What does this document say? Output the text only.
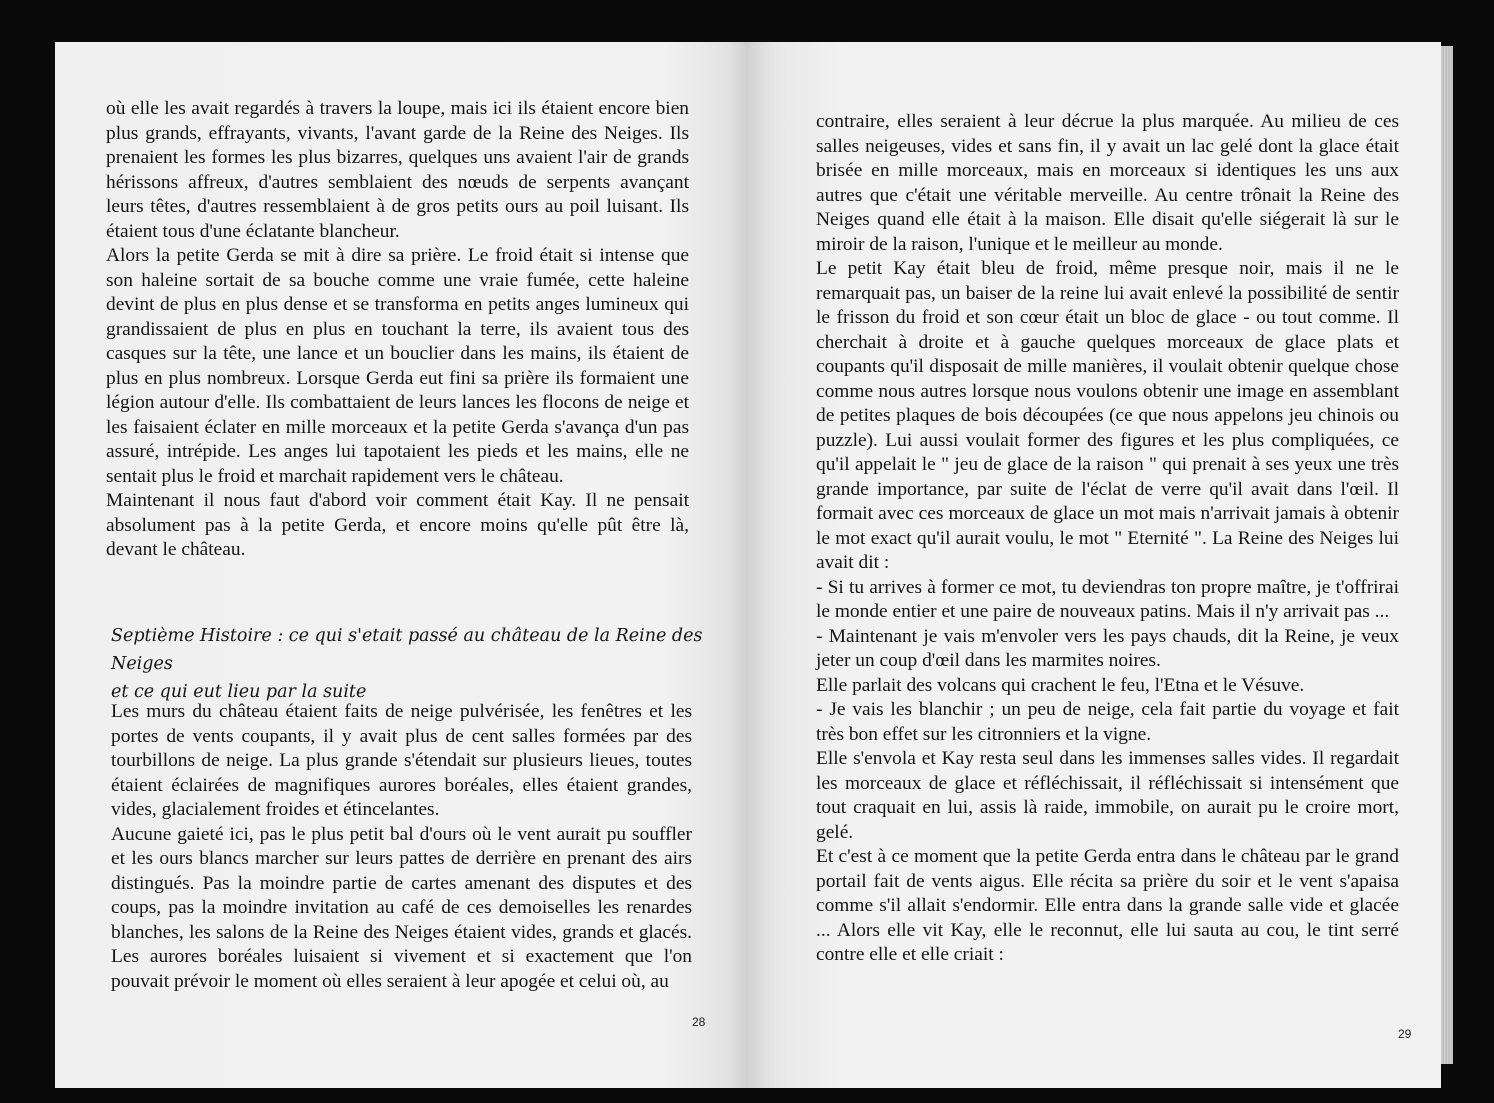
où elle les avait regardés à travers la loupe, mais ici ils étaient encore bien plus grands, effrayants, vivants, l'avant garde de la Reine des Neiges. Ils prenaient les formes les plus bizarres, quelques uns avaient l'air de grands hérissons affreux, d'autres semblaient des nœuds de serpents avançant leurs têtes, d'autres ressemblaient à de gros petits ours au poil luisant. Ils étaient tous d'une éclatante blancheur.

Alors la petite Gerda se mit à dire sa prière. Le froid était si intense que son haleine sortait de sa bouche comme une vraie fumée, cette haleine devint de plus en plus dense et se transforma en petits anges lumineux qui grandissaient de plus en plus en touchant la terre, ils avaient tous des casques sur la tête, une lance et un bouclier dans les mains, ils étaient de plus en plus nombreux. Lorsque Gerda eut fini sa prière ils formaient une légion autour d'elle. Ils combattaient de leurs lances les flocons de neige et les faisaient éclater en mille morceaux et la petite Gerda s'avança d'un pas assuré, intrépide. Les anges lui tapotaient les pieds et les mains, elle ne sentait plus le froid et marchait rapidement vers le château.

Maintenant il nous faut d'abord voir comment était Kay. Il ne pensait absolument pas à la petite Gerda, et encore moins qu'elle pût être là, devant le château.

Septième Histoire : ce qui s'etait passé au château de la Reine des Neiges

et ce qui eut lieu par la suite

Les murs du château étaient faits de neige pulvérisée, les fenêtres et les portes de vents coupants, il y avait plus de cent salles formées par des tourbillons de neige. La plus grande s'étendait sur plusieurs lieues, toutes étaient éclairées de magnifiques aurores boréales, elles étaient grandes, vides, glacialement froides et étincelantes.

Aucune gaieté ici, pas le plus petit bal d'ours où le vent aurait pu souffler et les ours blancs marcher sur leurs pattes de derrière en prenant des airs distingués. Pas la moindre partie de cartes amenant des disputes et des coups, pas la moindre invitation au café de ces demoiselles les renardes blanches, les salons de la Reine des Neiges étaient vides, grands et glacés. Les aurores boréales luisaient si vivement et si exactement que l'on pouvait prévoir le moment où elles seraient à leur apogée et celui où, au

28

contraire, elles seraient à leur décrue la plus marquée. Au milieu de ces salles neigeuses, vides et sans fin, il y avait un lac gelé dont la glace était brisée en mille morceaux, mais en morceaux si identiques les uns aux autres que c'était une véritable merveille. Au centre trônait la Reine des Neiges quand elle était à la maison. Elle disait qu'elle siégerait là sur le miroir de la raison, l'unique et le meilleur au monde.

Le petit Kay était bleu de froid, même presque noir, mais il ne le remarquait pas, un baiser de la reine lui avait enlevé la possibilité de sentir le frisson du froid et son cœur était un bloc de glace - ou tout comme. Il cherchait à droite et à gauche quelques morceaux de glace plats et coupants qu'il disposait de mille manières, il voulait obtenir quelque chose comme nous autres lorsque nous voulons obtenir une image en assemblant de petites plaques de bois découpées (ce que nous appelons jeu chinois ou puzzle). Lui aussi voulait former des figures et les plus compliquées, ce qu'il appelait le " jeu de glace de la raison " qui prenait à ses yeux une très grande importance, par suite de l'éclat de verre qu'il avait dans l'œil. Il formait avec ces morceaux de glace un mot mais n'arrivait jamais à obtenir le mot exact qu'il aurait voulu, le mot " Eternité ". La Reine des Neiges lui avait dit :

- Si tu arrives à former ce mot, tu deviendras ton propre maître, je t'offrirai le monde entier et une paire de nouveaux patins. Mais il n'y arrivait pas ...

- Maintenant je vais m'envoler vers les pays chauds, dit la Reine, je veux jeter un coup d'œil dans les marmites noires.

Elle parlait des volcans qui crachent le feu, l'Etna et le Vésuve.

- Je vais les blanchir ; un peu de neige, cela fait partie du voyage et fait très bon effet sur les citronniers et la vigne.

Elle s'envola et Kay resta seul dans les immenses salles vides. Il regardait les morceaux de glace et réfléchissait, il réfléchissait si intensément que tout craquait en lui, assis là raide, immobile, on aurait pu le croire mort, gelé.

Et c'est à ce moment que la petite Gerda entra dans le château par le grand portail fait de vents aigus. Elle récita sa prière du soir et le vent s'apaisa comme s'il allait s'endormir. Elle entra dans la grande salle vide et glacée ... Alors elle vit Kay, elle le reconnut, elle lui sauta au cou, le tint serré contre elle et elle criait :

29
